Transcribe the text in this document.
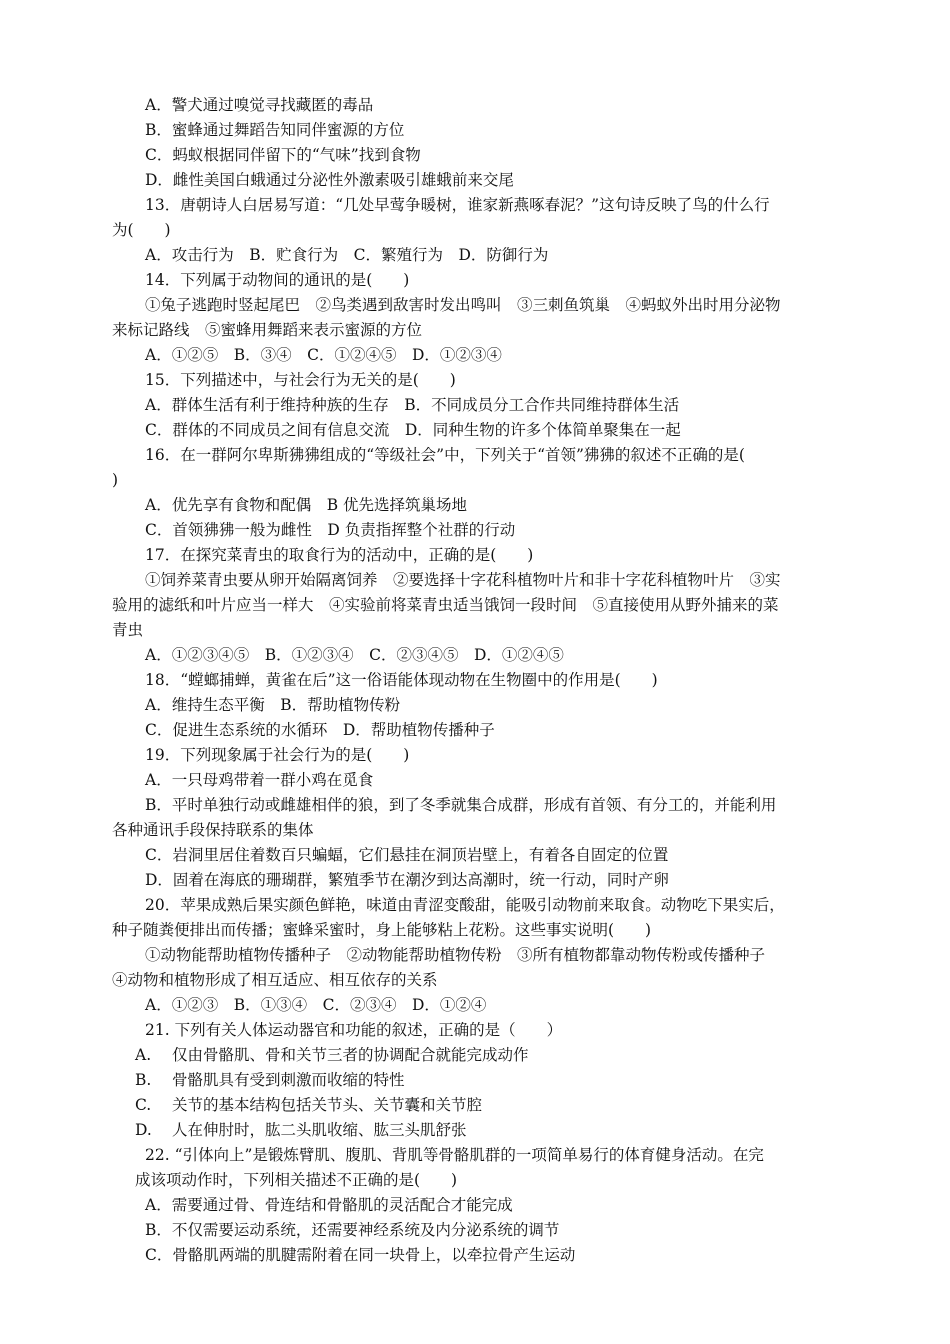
A．警犬通过嗅觉寻找藏匿的毒品
B．蜜蜂通过舞蹈告知同伴蜜源的方位
C．蚂蚁根据同伴留下的“气味”找到食物
D．雌性美国白蛾通过分泌性外激素吸引雄蛾前来交尾
13．唐朝诗人白居易写道：“几处早莺争暖树，谁家新燕啄春泥？”这句诗反映了鸟的什么行
为(　　)
A．攻击行为　B．贮食行为　C．繁殖行为　D．防御行为
14．下列属于动物间的通讯的是(　　)
①兔子逃跑时竖起尾巴　②鸟类遇到敌害时发出鸣叫　③三刺鱼筑巢　④蚂蚁外出时用分泌物
来标记路线　⑤蜜蜂用舞蹈来表示蜜源的方位
A．①②⑤　B．③④　C．①②④⑤　D．①②③④
15．下列描述中，与社会行为无关的是(　　)
A．群体生活有利于维持种族的生存　B．不同成员分工合作共同维持群体生活
C．群体的不同成员之间有信息交流　D．同种生物的许多个体简单聚集在一起
16．在一群阿尔卑斯狒狒组成的“等级社会”中，下列关于“首领”狒狒的叙述不正确的是(
)
A．优先享有食物和配偶　B 优先选择筑巢场地
C．首领狒狒一般为雌性　D 负责指挥整个社群的行动
17．在探究菜青虫的取食行为的活动中，正确的是(　　)
①饲养菜青虫要从卵开始隔离饲养　②要选择十字花科植物叶片和非十字花科植物叶片　③实
验用的滤纸和叶片应当一样大　④实验前将菜青虫适当饿饲一段时间　⑤直接使用从野外捕来的菜
青虫
A．①②③④⑤　B．①②③④　C．②③④⑤　D．①②④⑤
18．“螳螂捕蝉，黄雀在后”这一俗语能体现动物在生物圈中的作用是(　　)
A．维持生态平衡　B．帮助植物传粉
C．促进生态系统的水循环　D．帮助植物传播种子
19．下列现象属于社会行为的是(　　)
A．一只母鸡带着一群小鸡在觅食
B．平时单独行动或雌雄相伴的狼，到了冬季就集合成群，形成有首领、有分工的，并能利用
各种通讯手段保持联系的集体
C．岩洞里居住着数百只蝙蝠，它们悬挂在洞顶岩壁上，有着各自固定的位置
D．固着在海底的珊瑚群，繁殖季节在潮汐到达高潮时，统一行动，同时产卵
20．苹果成熟后果实颜色鲜艳，味道由青涩变酸甜，能吸引动物前来取食。动物吃下果实后，
种子随粪便排出而传播；蜜蜂采蜜时，身上能够粘上花粉。这些事实说明(　　)
①动物能帮助植物传播种子　②动物能帮助植物传粉　③所有植物都靠动物传粉或传播种子
④动物和植物形成了相互适应、相互依存的关系
A．①②③　B．①③④　C．②③④　D．①②④
21. 下列有关人体运动器官和功能的叙述，正确的是（　　）
A. 仅由骨骼肌、骨和关节三者的协调配合就能完成动作
B. 骨骼肌具有受到刺激而收缩的特性
C. 关节的基本结构包括关节头、关节囊和关节腔
D. 人在伸肘时，肱二头肌收缩、肱三头肌舒张
22. “引体向上”是锻炼臂肌、腹肌、背肌等骨骼肌群的一项简单易行的体育健身活动。在完
成该项动作时，下列相关描述不正确的是(　　)
A．需要通过骨、骨连结和骨骼肌的灵活配合才能完成
B．不仅需要运动系统，还需要神经系统及内分泌系统的调节
C．骨骼肌两端的肌腱需附着在同一块骨上，以牵拉骨产生运动
